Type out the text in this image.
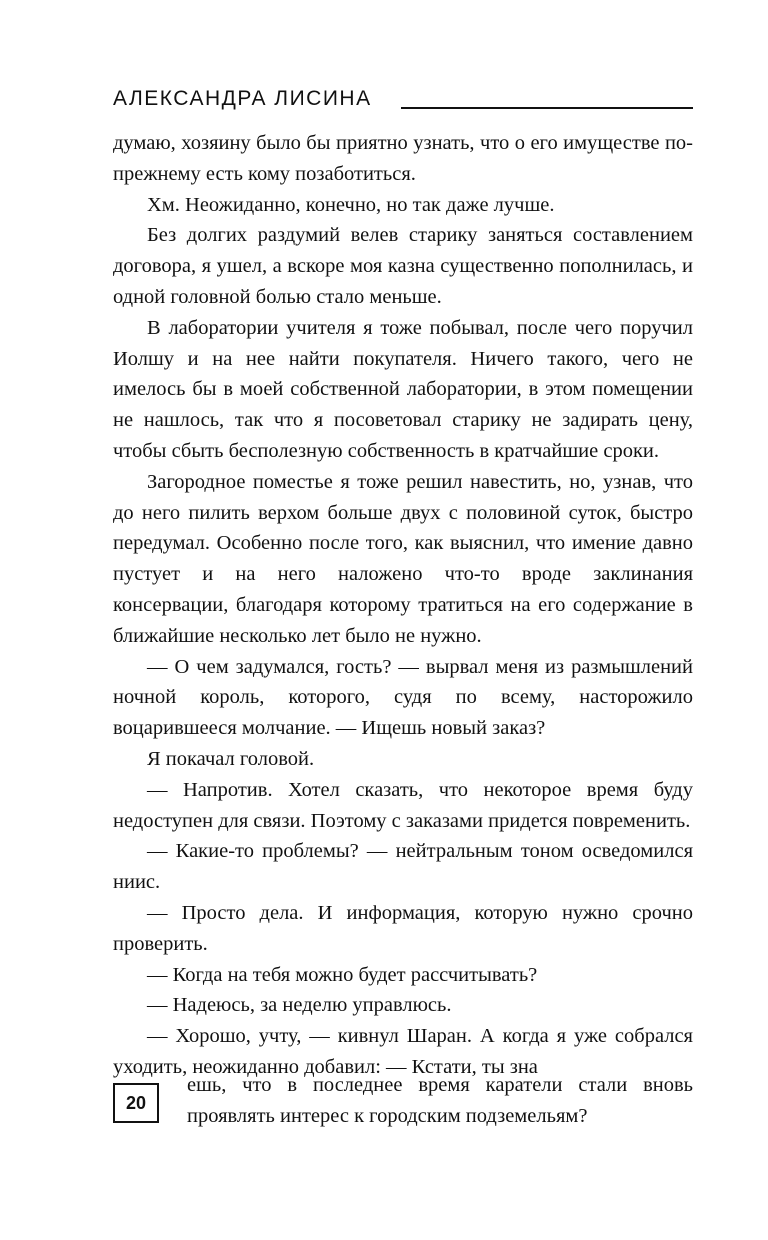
АЛЕКСАНДРА ЛИСИНА

думаю, хозяину было бы приятно узнать, что о его имуществе по-прежнему есть кому позаботиться.

Хм. Неожиданно, конечно, но так даже лучше.

Без долгих раздумий велев старику заняться составлением договора, я ушел, а вскоре моя казна существенно пополнилась, и одной головной болью стало меньше.

В лаборатории учителя я тоже побывал, после чего поручил Иолшу и на нее найти покупателя. Ничего такого, чего не имелось бы в моей собственной лаборатории, в этом помещении не нашлось, так что я посоветовал старику не задирать цену, чтобы сбыть бесполезную собственность в кратчайшие сроки.

Загородное поместье я тоже решил навестить, но, узнав, что до него пилить верхом больше двух с половиной суток, быстро передумал. Особенно после того, как выяснил, что имение давно пустует и на него наложено что-то вроде заклинания консервации, благодаря которому тратиться на его содержание в ближайшие несколько лет было не нужно.

— О чем задумался, гость? — вырвал меня из размышлений ночной король, которого, судя по всему, насторожило воцарившееся молчание. — Ищешь новый заказ?

Я покачал головой.

— Напротив. Хотел сказать, что некоторое время буду недоступен для связи. Поэтому с заказами придется повременить.

— Какие-то проблемы? — нейтральным тоном осведомился ниис.

— Просто дела. И информация, которую нужно срочно проверить.

— Когда на тебя можно будет рассчитывать?

— Надеюсь, за неделю управлюсь.

— Хорошо, учту, — кивнул Шаран. А когда я уже собрался уходить, неожиданно добавил: — Кстати, ты зна

ешь, что в последнее время каратели стали вновь проявлять интерес к городским подземельям?

20
